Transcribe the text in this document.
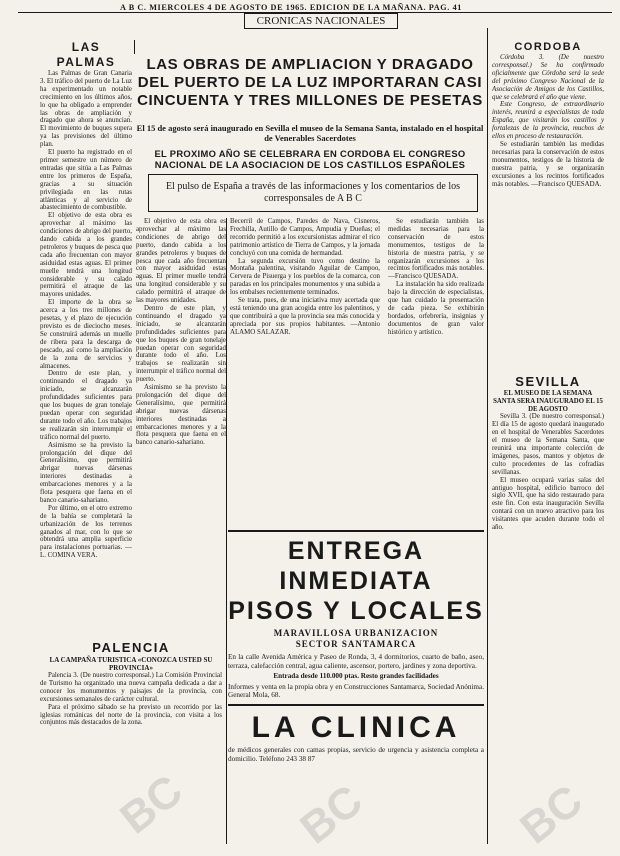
A B C. MIERCOLES 4 DE AGOSTO DE 1965. EDICION DE LA MAÑANA. PAG. 41
CRONICAS NACIONALES
LAS PALMAS

Las Palmas de Gran Canaria 3. El tráfico del puerto de La Luz ha experimentado un notable crecimiento en los últimos años, lo que ha obligado a emprender las obras de ampliación y dragado que ahora se anuncian. El movimiento de buques supera ya las previsiones del último plan.

El puerto ha registrado en el primer semestre un número de entradas que sitúa a Las Palmas entre los primeros de España, gracias a su situación privilegiada en las rutas atlánticas y al servicio de abastecimiento de combustible.

El objetivo de esta obra es aprovechar al máximo las condiciones de abrigo del puerto, dando cabida a los grandes petroleros y buques de pesca que cada año frecuentan con mayor asiduidad estas aguas. El primer muelle tendrá una longitud considerable y su calado permitirá el atraque de las mayores unidades.

El importe de la obra se acerca a los tres millones de pesetas, y el plazo de ejecución previsto es de dieciocho meses. Se construirá además un muelle de ribera para la descarga de pescado, así como la ampliación de la zona de servicios y almacenes.

Dentro de este plan, y continuando el dragado ya iniciado, se alcanzarán profundidades suficientes para que los buques de gran tonelaje puedan operar con seguridad durante todo el año. Los trabajos se realizarán sin interrumpir el tráfico normal del puerto.

Asimismo se ha previsto la prolongación del dique del Generalísimo, que permitirá abrigar nuevas dársenas interiores destinadas a embarcaciones menores y a la flota pesquera que faena en el banco canario-sahariano.

Por último, en el otro extremo de la bahía se completará la urbanización de los terrenos ganados al mar, con lo que se obtendrá una amplia superficie para instalaciones portuarias. —L. COMINA VERA.

PALENCIA
LA CAMPAÑA TURISTICA «CONOZCA USTED SU PROVINCIA»

Palencia 3. (De nuestro corresponsal.) La Comisión Provincial de Turismo ha organizado una nueva campaña dedicada a dar a conocer los monumentos y paisajes de la provincia, con excursiones semanales de carácter cultural.

Para el próximo sábado se ha previsto un recorrido por las iglesias románicas del norte de la provincia, con visita a los conjuntos más destacados de la zona.

LAS OBRAS DE AMPLIACION Y DRAGADO DEL PUERTO DE LA LUZ IMPORTARAN CASI CINCUENTA Y TRES MILLONES DE PESETAS
El 15 de agosto será inaugurado en Sevilla el museo de la Semana Santa, instalado en el hospital de Venerables Sacerdotes
EL PROXIMO AÑO SE CELEBRARA EN CORDOBA EL CONGRESO NACIONAL DE LA ASOCIACION DE LOS CASTILLOS ESPAÑOLES
El pulso de España a través de las informaciones y los comentarios de los corresponsales de A B C

El objetivo de esta obra es aprovechar al máximo las condiciones de abrigo del puerto, dando cabida a los grandes petroleros y buques de pesca que cada año frecuentan con mayor asiduidad estas aguas. El primer muelle tendrá una longitud considerable y su calado permitirá el atraque de las mayores unidades.

Dentro de este plan, y continuando el dragado ya iniciado, se alcanzarán profundidades suficientes para que los buques de gran tonelaje puedan operar con seguridad durante todo el año. Los trabajos se realizarán sin interrumpir el tráfico normal del puerto.

Asimismo se ha previsto la prolongación del dique del Generalísimo, que permitirá abrigar nuevas dársenas interiores destinadas a embarcaciones menores y a la flota pesquera que faena en el banco canario-sahariano.

Becerril de Campos, Paredes de Nava, Cisneros, Frechilla, Autillo de Campos, Ampudia y Dueñas; el recorrido permitió a los excursionistas admirar el rico patrimonio artístico de Tierra de Campos, y la jornada concluyó con una comida de hermandad.

La segunda excursión tuvo como destino la Montaña palentina, visitando Aguilar de Campoo, Cervera de Pisuerga y los pueblos de la comarca, con paradas en los principales monumentos y una subida a los embalses recientemente terminados.

Se trata, pues, de una iniciativa muy acertada que está teniendo una gran acogida entre los palentinos, y que contribuirá a que la provincia sea más conocida y apreciada por sus propios habitantes. —Antonio ALAMO SALAZAR.

Se estudiarán también las medidas necesarias para la conservación de estos monumentos, testigos de la historia de nuestra patria, y se organizarán excursiones a los recintos fortificados más notables. —Francisco QUESADA.

La instalación ha sido realizada bajo la dirección de especialistas, que han cuidado la presentación de cada pieza. Se exhibirán bordados, orfebrería, insignias y documentos de gran valor histórico y artístico.

CORDOBA

Córdoba 3. (De nuestro corresponsal.) Se ha confirmado oficialmente que Córdoba será la sede del próximo Congreso Nacional de la Asociación de Amigos de los Castillos, que se celebrará el año que viene.

Este Congreso, de extraordinario interés, reunirá a especialistas de toda España, que visitarán los castillos y fortalezas de la provincia, muchos de ellos en proceso de restauración.

Se estudiarán también las medidas necesarias para la conservación de estos monumentos, testigos de la historia de nuestra patria, y se organizarán excursiones a los recintos fortificados más notables. —Francisco QUESADA.

SEVILLA
EL MUSEO DE LA SEMANA SANTA SERA INAUGURADO EL 15 DE AGOSTO

Sevilla 3. (De nuestro corresponsal.) El día 15 de agosto quedará inaugurado en el hospital de Venerables Sacerdotes el museo de la Semana Santa, que reunirá una importante colección de imágenes, pasos, mantos y objetos de culto procedentes de las cofradías sevillanas.

El museo ocupará varias salas del antiguo hospital, edificio barroco del siglo XVII, que ha sido restaurado para este fin. Con esta inauguración Sevilla contará con un nuevo atractivo para los visitantes que acuden durante todo el año.

ENTREGA INMEDIATA
PISOS Y LOCALES
MARAVILLOSA URBANIZACION
SECTOR SANTAMARCA
En la calle Avenida América y Paseo de Ronda, 3, 4 dormitorios, cuarto de baño, aseo, terraza, calefacción central, agua caliente, ascensor, portero, jardines y zona deportiva.
Entrada desde 110.000 ptas. Resto grandes facilidades
Informes y venta en la propia obra y en Construcciones Santamarca, Sociedad Anónima. General Mola, 68.
LA CLINICA
de médicos generales con camas propias, servicio de urgencia y asistencia completa a domicilio. Teléfono 243 38 87
BC BC	BC
